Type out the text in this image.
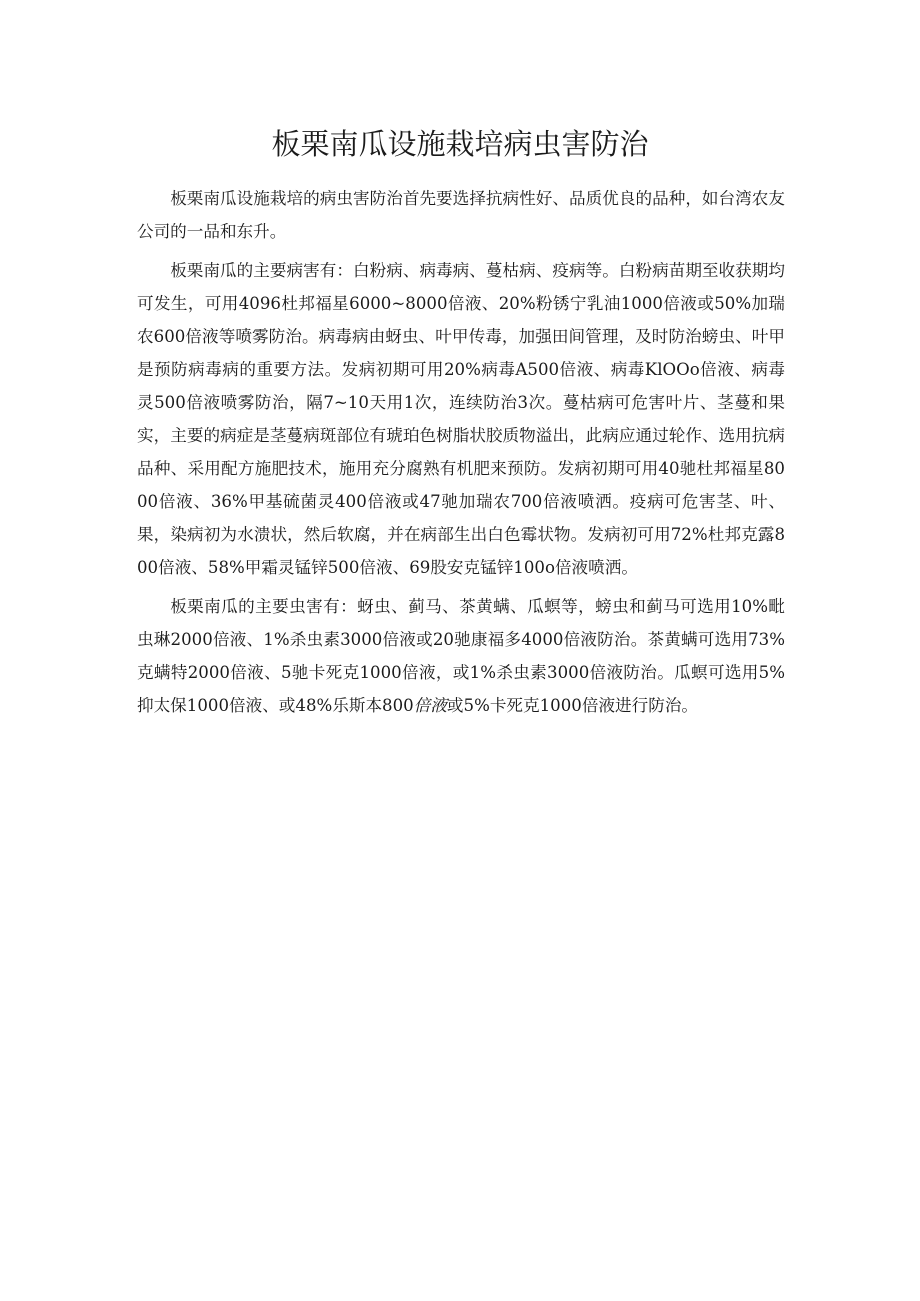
板栗南瓜设施栽培病虫害防治

板栗南瓜设施栽培的病虫害防治首先要选择抗病性好、品质优良的品种，如台湾农友公司的一品和东升。

板栗南瓜的主要病害有：白粉病、病毒病、蔓枯病、疫病等。白粉病苗期至收获期均可发生，可用4096杜邦福星6000~8000倍液、20%粉锈宁乳油1000倍液或50%加瑞农600倍液等喷雾防治。病毒病由蚜虫、叶甲传毒，加强田间管理，及时防治螃虫、叶甲是预防病毒病的重要方法。发病初期可用20%病毒A500倍液、病毒KlOOo倍液、病毒灵500倍液喷雾防治，隔7~10天用1次，连续防治3次。蔓枯病可危害叶片、茎蔓和果实，主要的病症是茎蔓病斑部位有琥珀色树脂状胶质物溢出，此病应通过轮作、选用抗病品种、采用配方施肥技术，施用充分腐熟有机肥来预防。发病初期可用40驰杜邦福星8000倍液、36%甲基硫菌灵400倍液或47驰加瑞农700倍液喷洒。疫病可危害茎、叶、果，染病初为水溃状，然后软腐，并在病部生出白色霉状物。发病初可用72%杜邦克露800倍液、58%甲霜灵锰锌500倍液、69股安克锰锌100o倍液喷洒。

板栗南瓜的主要虫害有：蚜虫、蓟马、茶黄螨、瓜螟等，螃虫和蓟马可选用10%毗虫琳2000倍液、1%杀虫素3000倍液或20驰康福多4000倍液防治。茶黄螨可选用73%克螨特2000倍液、5驰卡死克1000倍液，或1%杀虫素3000倍液防治。瓜螟可选用5%抑太保1000倍液、或48%乐斯本800倍液或5%卡死克1000倍液进行防治。
